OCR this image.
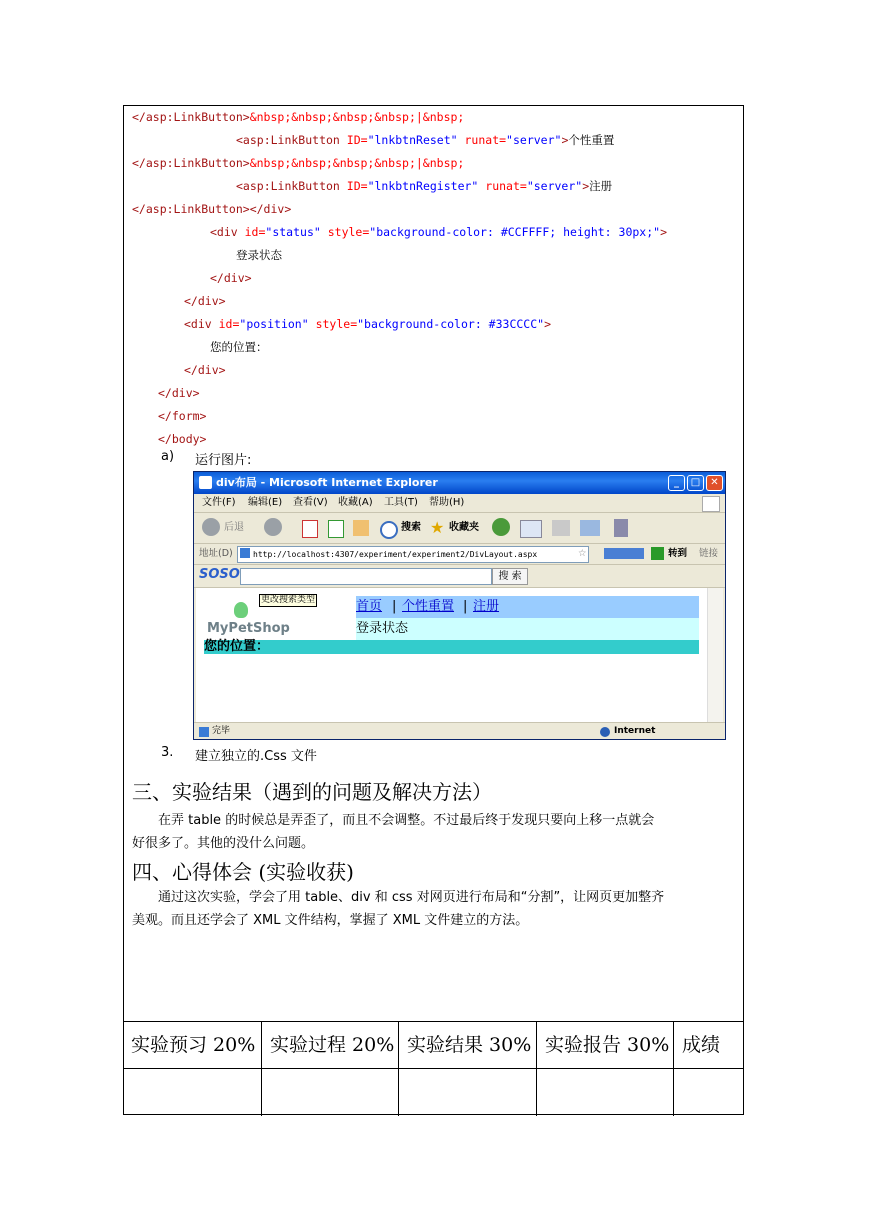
</asp:LinkButton>&nbsp;&nbsp;&nbsp;&nbsp;|&nbsp;
<asp:LinkButton ID="lnkbtnReset" runat="server">个性重置
</asp:LinkButton>&nbsp;&nbsp;&nbsp;&nbsp;|&nbsp;
<asp:LinkButton ID="lnkbtnRegister" runat="server">注册
</asp:LinkButton></div>
<div id="status" style="background-color: #CCFFFF; height: 30px;">
登录状态
</div>
</div>
<div id="position" style="background-color: #33CCCC">
您的位置：
</div>
</div>
</form>
</body>
a) 运行图片:
div布局 - Microsoft Internet Explorer	_	□	✕
文件(F) 编辑(E) 查看(V) 收藏(A) 工具(T) 帮助(H)
后退	搜索 ★ 收藏夹
地址(D)	http://localhost:4307/experiment/experiment2/DivLayout.aspx	☆	转到 链接
SOSO	搜 索
更改搜索类型
MyPetShop
首页 | 个性重置 | 注册
登录状态
您的位置：
完毕	Internet
3. 建立独立的.Css 文件
三、实验结果（遇到的问题及解决方法）
在弄 table 的时候总是弄歪了，而且不会调整。不过最后终于发现只要向上移一点就会
好很多了。其他的没什么问题。
四、心得体会 (实验收获)
通过这次实验，学会了用 table、div 和 css 对网页进行布局和“分割”，让网页更加整齐
美观。而且还学会了 XML 文件结构，掌握了 XML 文件建立的方法。
实验预习 20% 实验过程 20% 实验结果 30% 实验报告 30% 成绩
